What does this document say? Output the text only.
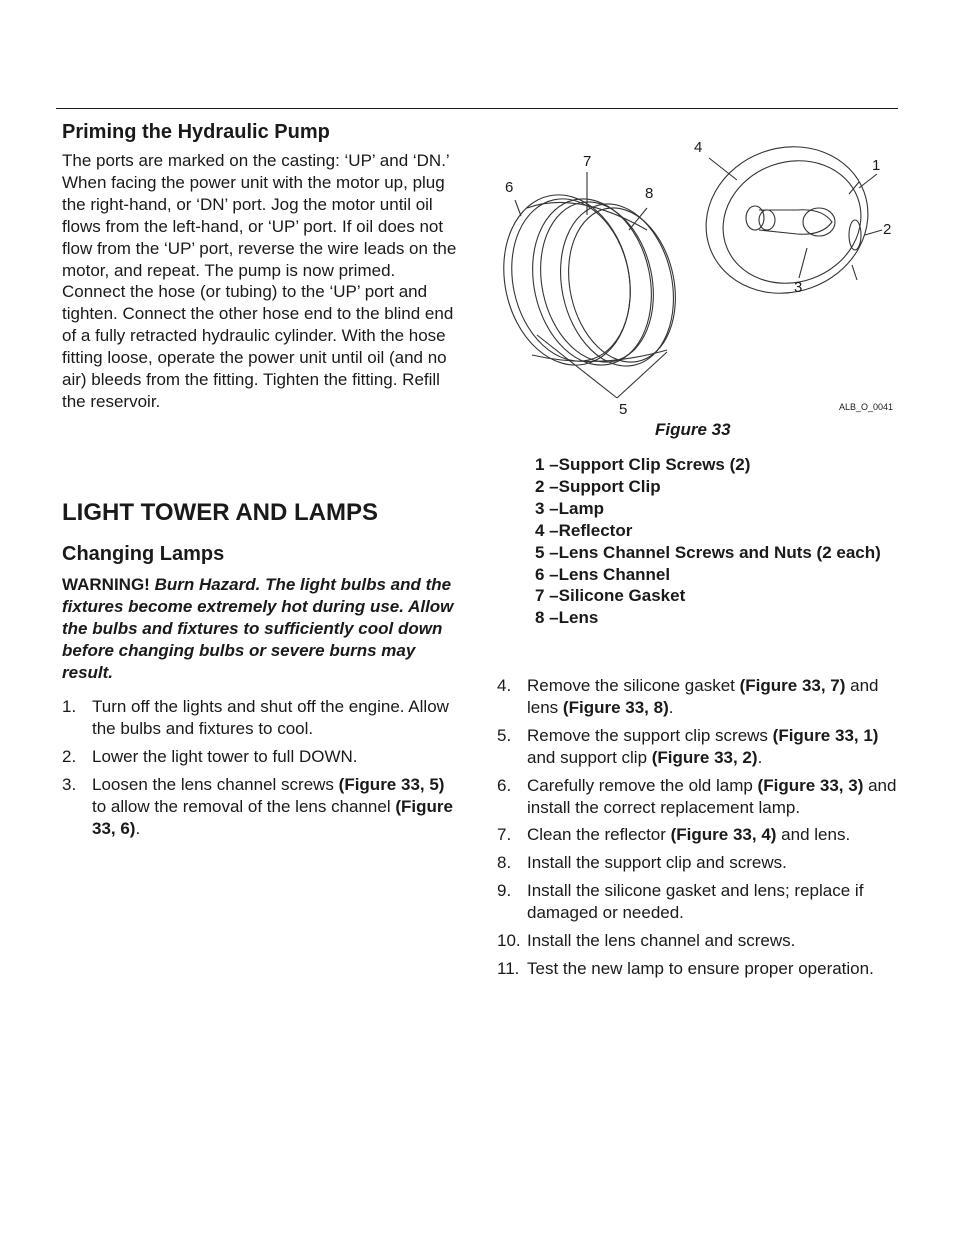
Priming the Hydraulic Pump

The ports are marked on the casting: ‘UP’ and ‘DN.’ When facing the power unit with the motor up, plug the right-hand, or ‘DN’ port. Jog the motor until oil flows from the left-hand, or ‘UP’ port. If oil does not flow from the ‘UP’ port, reverse the wire leads on the motor, and repeat. The pump is now primed. Connect the hose (or tubing) to the ‘UP’ port and tighten. Connect the other hose end to the blind end of a fully retracted hydraulic cylinder. With the hose fitting loose, operate the power unit until oil (and no air) bleeds from the fitting. Tighten the fitting. Refill the reservoir.

LIGHT TOWER AND LAMPS
Changing Lamps
WARNING! Burn Hazard. The light bulbs and the fixtures become extremely hot during use. Allow the bulbs and fixtures to sufficiently cool down before changing bulbs or severe burns may result.
1. Turn off the lights and shut off the engine. Allow the bulbs and fixtures to cool.
2. Lower the light tower to full DOWN.
3. Loosen the lens channel screws (Figure 33, 5) to allow the removal of the lens channel (Figure 33, 6).
1
2
3
4
5
6
7
8
ALB_O_0041
Figure 33
1 – Support Clip Screws (2)
2 – Support Clip
3 – Lamp
4 – Reflector
5 – Lens Channel Screws and Nuts (2 each)
6 – Lens Channel
7 – Silicone Gasket
8 – Lens
4. Remove the silicone gasket (Figure 33, 7) and lens (Figure 33, 8).
5. Remove the support clip screws (Figure 33, 1) and support clip (Figure 33, 2).
6. Carefully remove the old lamp (Figure 33, 3) and install the correct replacement lamp.
7. Clean the reflector (Figure 33, 4) and lens.
8. Install the support clip and screws.
9. Install the silicone gasket and lens; replace if damaged or needed.
10. Install the lens channel and screws.
11. Test the new lamp to ensure proper operation.
